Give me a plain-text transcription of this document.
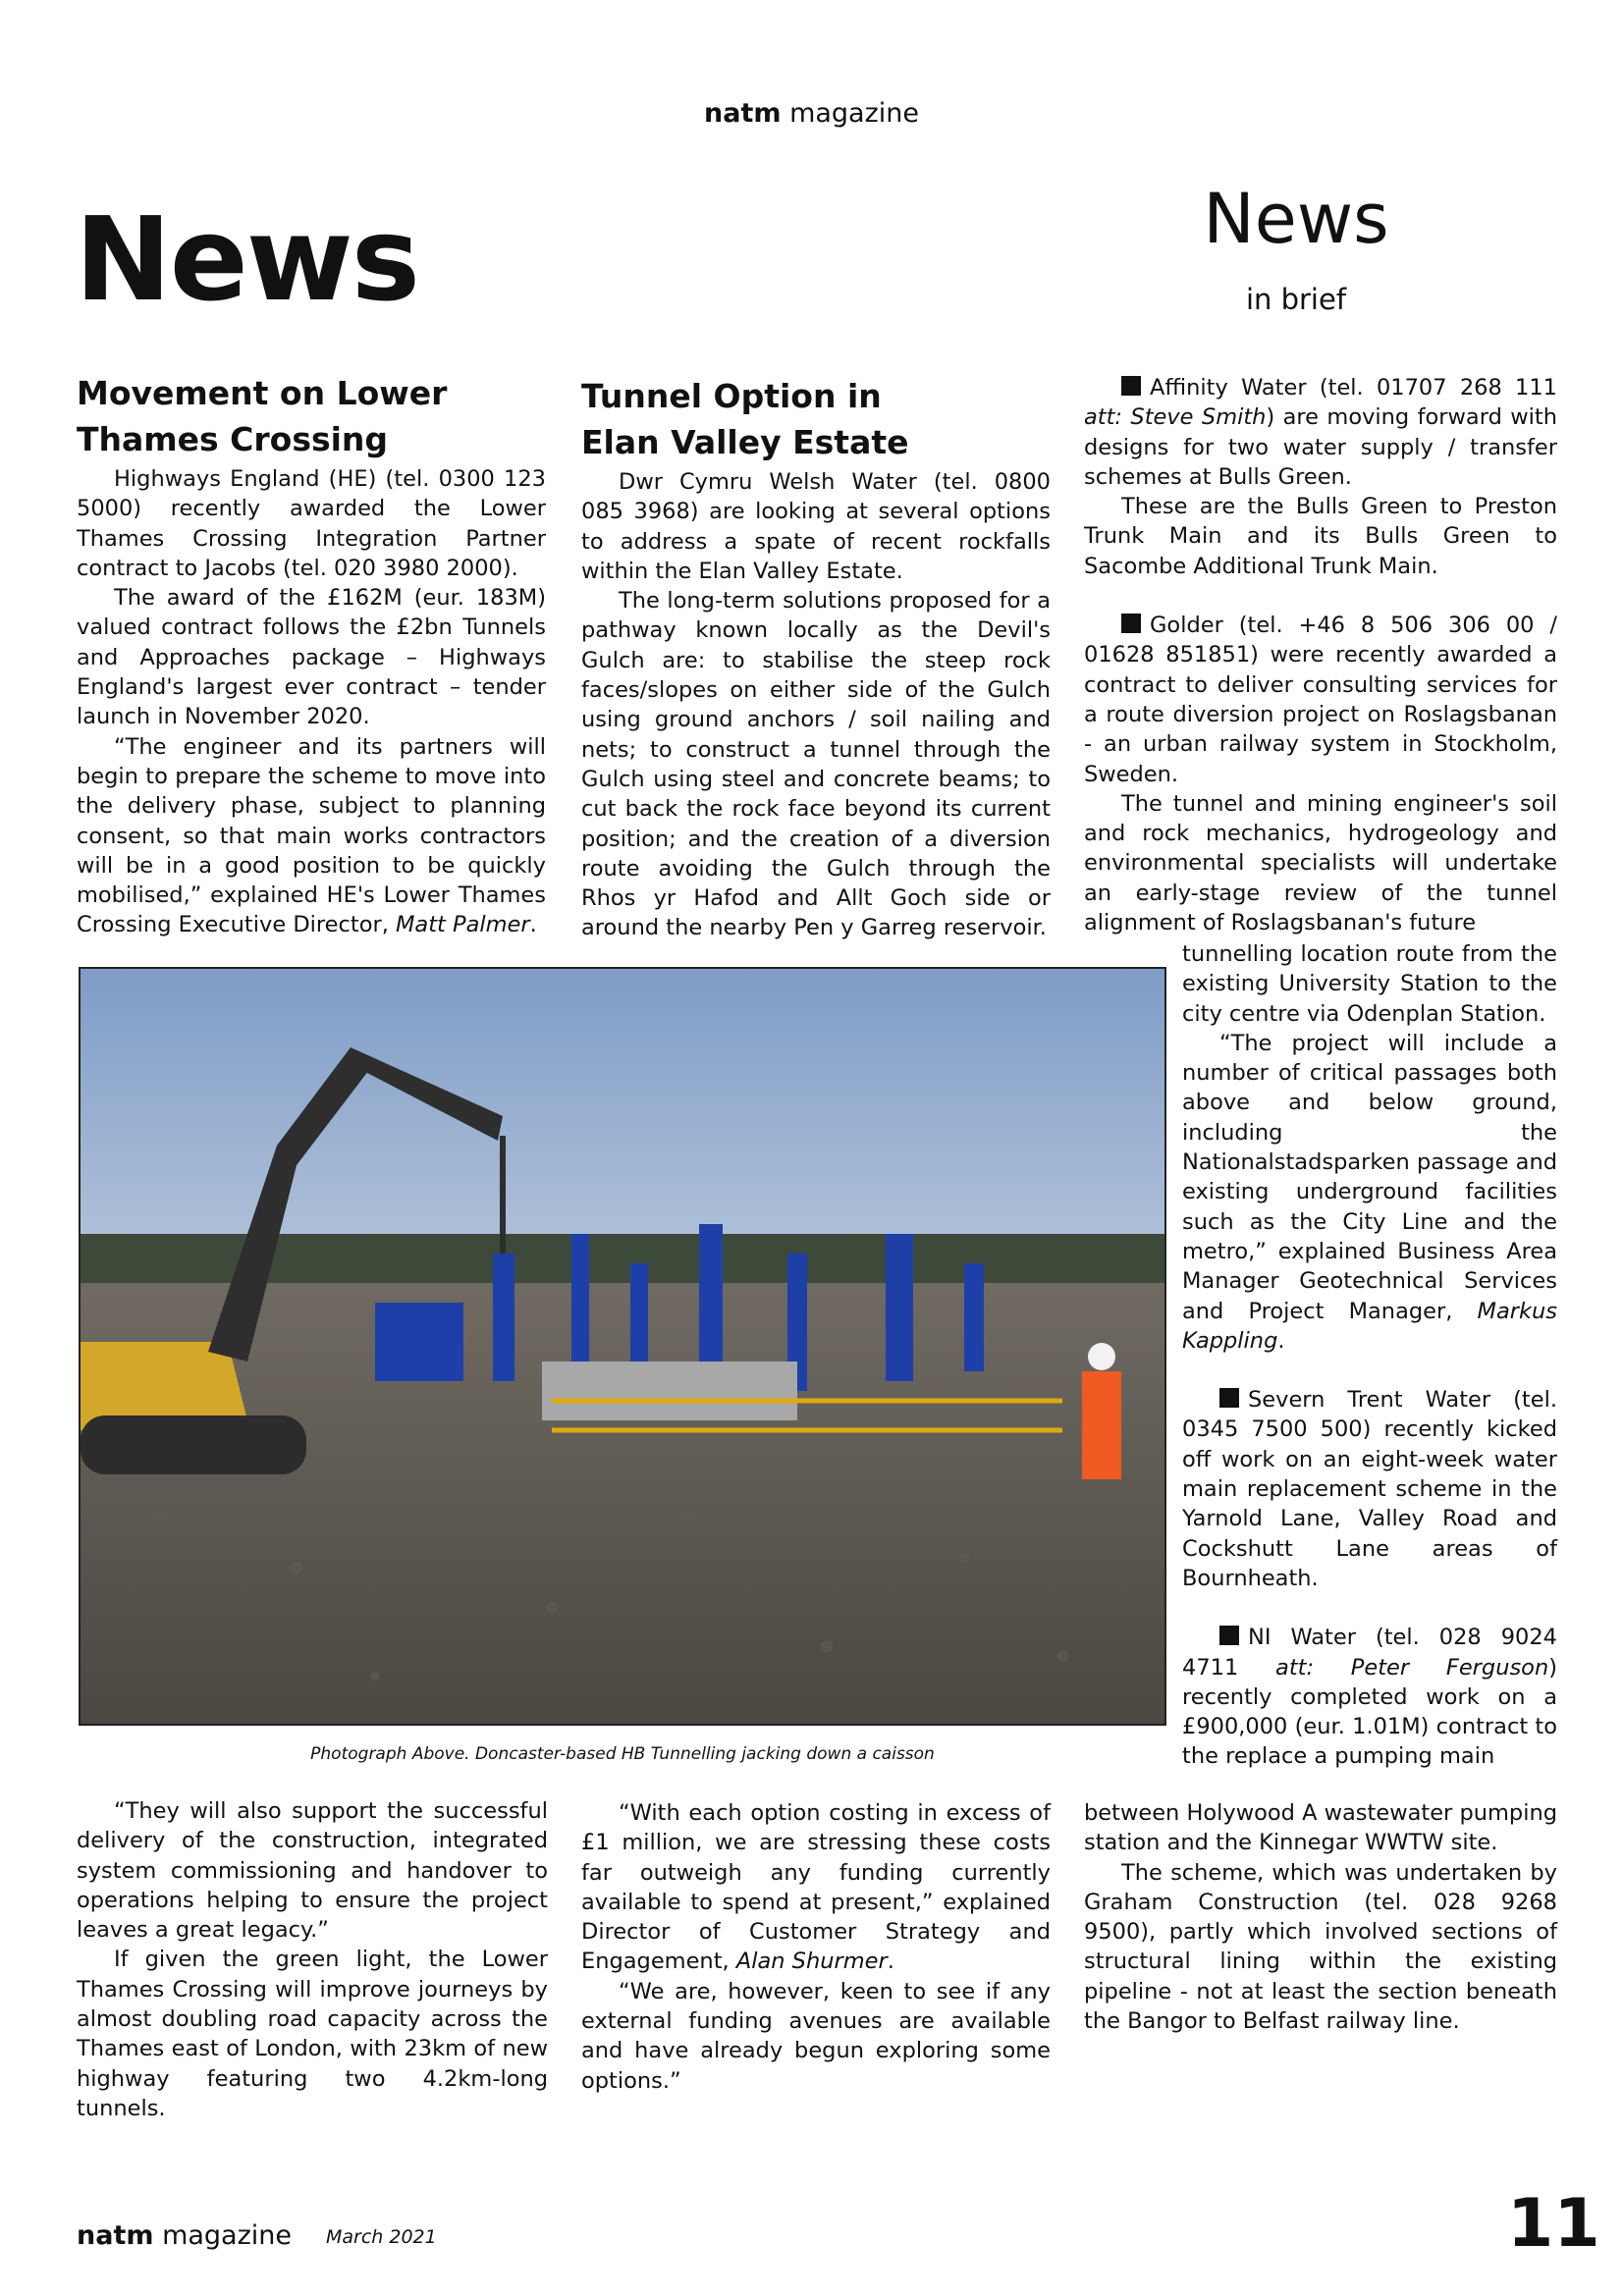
natm magazine
News	News
in brief
Movement on Lower
Thames Crossing

Highways England (HE) (tel. 0300 123 5000) recently awarded the Lower Thames Crossing Integration Partner contract to Jacobs (tel. 020 3980 2000).

The award of the £162M (eur. 183M) valued contract follows the £2bn Tunnels and Approaches package – Highways England's largest ever contract – tender launch in November 2020.

“The engineer and its partners will begin to prepare the scheme to move into the delivery phase, subject to planning consent, so that main works contractors will be in a good position to be quickly mobilised,” explained HE's Lower Thames Crossing Executive Director, Matt Palmer.

Tunnel Option in
Elan Valley Estate

Dwr Cymru Welsh Water (tel. 0800 085 3968) are looking at several options to address a spate of recent rockfalls within the Elan Valley Estate.

The long-term solutions proposed for a pathway known locally as the Devil's Gulch are: to stabilise the steep rock faces/slopes on either side of the Gulch using ground anchors / soil nailing and nets; to construct a tunnel through the Gulch using steel and concrete beams; to cut back the rock face beyond its current position; and the creation of a diversion route avoiding the Gulch through the Rhos yr Hafod and Allt Goch side or around the nearby Pen y Garreg reservoir.

Affinity Water (tel. 01707 268 111 att: Steve Smith) are moving forward with designs for two water supply / transfer schemes at Bulls Green.

These are the Bulls Green to Preston Trunk Main and its Bulls Green to Sacombe Additional Trunk Main.

Golder (tel. +46 8 506 306 00 / 01628 851851) were recently awarded a contract to deliver consulting services for a route diversion project on Roslagsbanan - an urban railway system in Stockholm, Sweden.

The tunnel and mining engineer's soil and rock mechanics, hydrogeology and environmental specialists will undertake an early-stage review of the tunnel alignment of Roslagsbanan's future

tunnelling location route from the existing University Station to the city centre via Odenplan Station.

“The project will include a number of critical passages both above and below ground, including the Nationalstadsparken passage and existing underground facilities such as the City Line and the metro,” explained Business Area Manager Geotechnical Services and Project Manager, Markus Kappling.

Severn Trent Water (tel. 0345 7500 500) recently kicked off work on an eight-week water main replacement scheme in the Yarnold Lane, Valley Road and Cockshutt Lane areas of Bournheath.

NI Water (tel. 028 9024 4711 att: Peter Ferguson) recently completed work on a £900,000 (eur. 1.01M) contract to the replace a pumping main

Photograph Above. Doncaster-based HB Tunnelling jacking down a caisson

“They will also support the successful delivery of the construction, integrated system commissioning and handover to operations helping to ensure the project leaves a great legacy.”

If given the green light, the Lower Thames Crossing will improve journeys by almost doubling road capacity across the Thames east of London, with 23km of new highway featuring two 4.2km-long tunnels.

“With each option costing in excess of £1 million, we are stressing these costs far outweigh any funding currently available to spend at present,” explained Director of Customer Strategy and Engagement, Alan Shurmer.

“We are, however, keen to see if any external funding avenues are available and have already begun exploring some options.”

between Holywood A wastewater pumping station and the Kinnegar WWTW site.

The scheme, which was undertaken by Graham Construction (tel. 028 9268 9500), partly which involved sections of structural lining within the existing pipeline - not at least the section beneath the Bangor to Belfast railway line.

natm magazine March 2021	11
